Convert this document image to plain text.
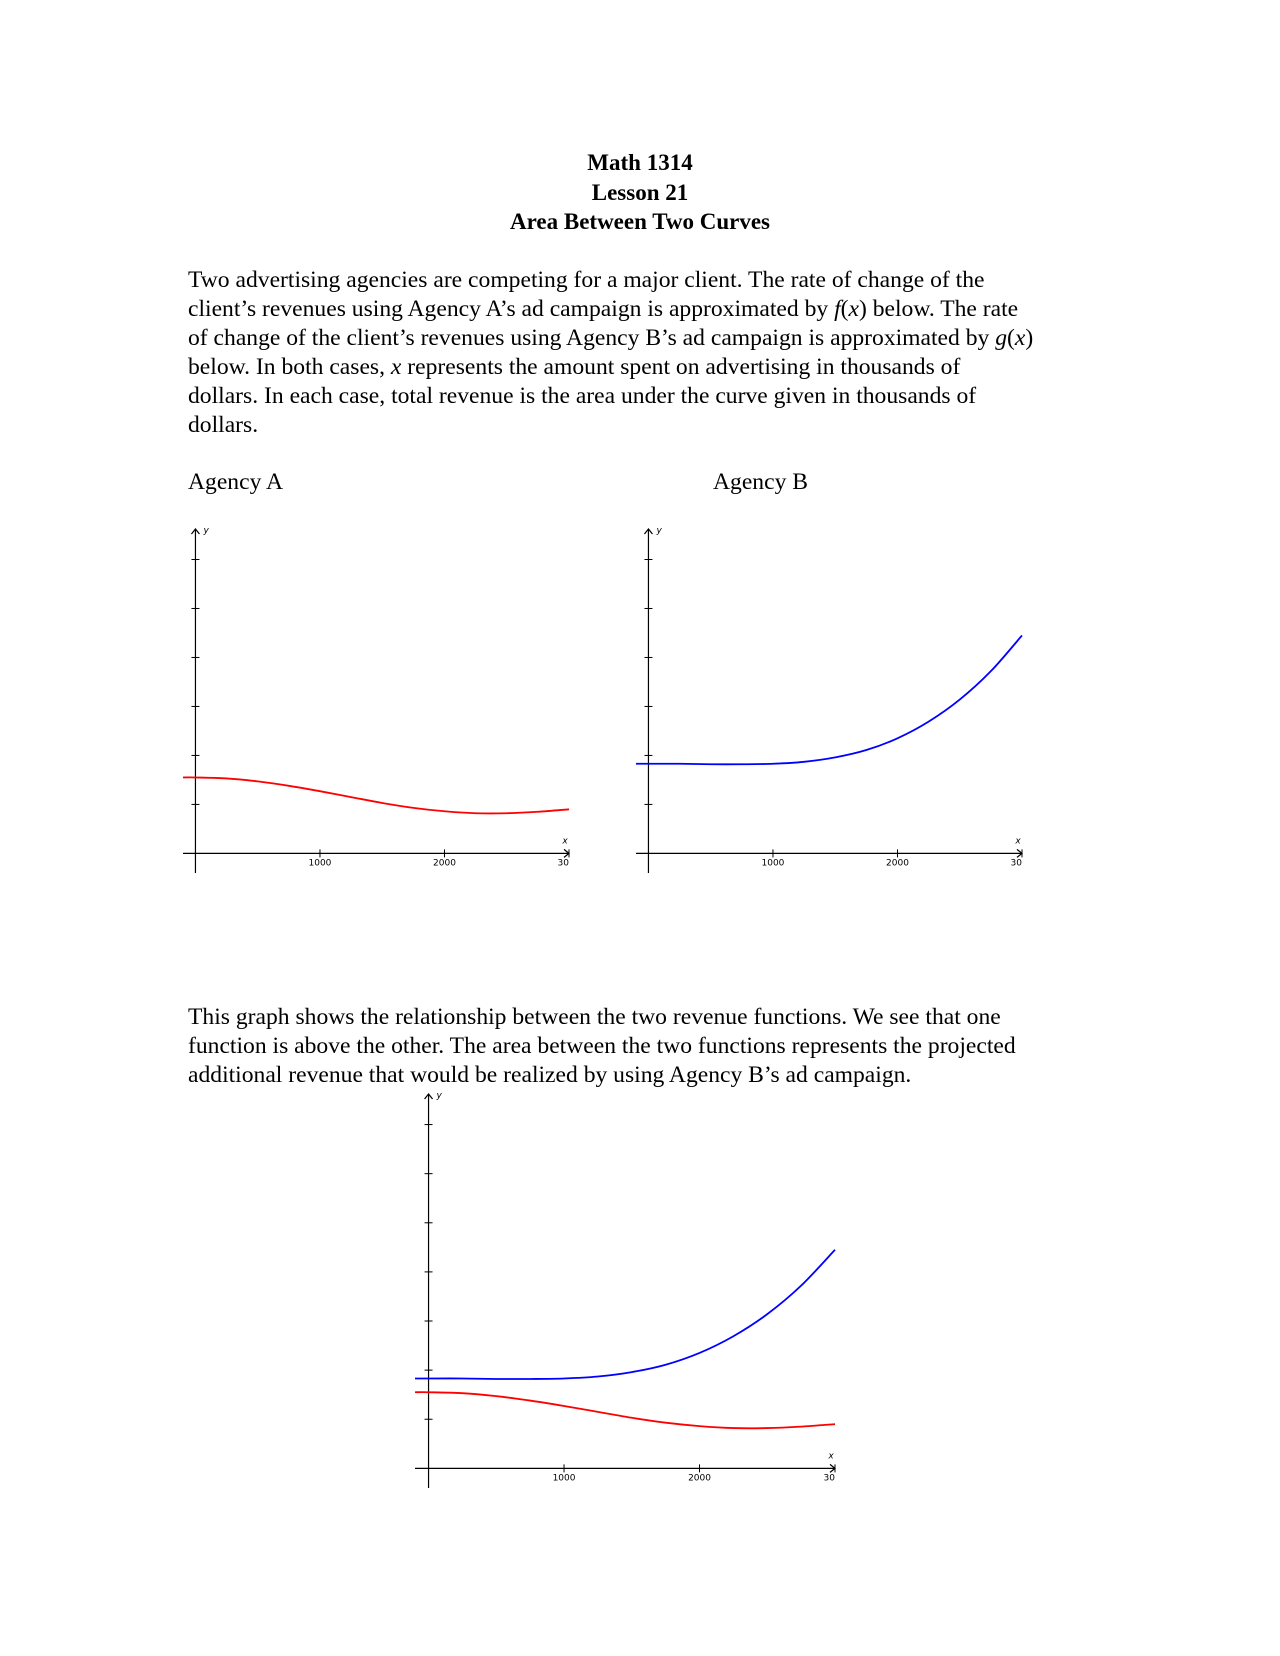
Math 1314
Lesson 21
Area Between Two Curves

Two advertising agencies are competing for a major client. The rate of change of the
client’s revenues using Agency A’s ad campaign is approximated by f(x) below. The rate
of change of the client’s revenues using Agency B’s ad campaign is approximated by g(x)
below. In both cases, x represents the amount spent on advertising in thousands of
dollars. In each case, total revenue is the area under the curve given in thousands of
dollars.

Agency A	Agency B
x
y
1000	2000	30
x
y
1000	2000	30

This graph shows the relationship between the two revenue functions. We see that one
function is above the other. The area between the two functions represents the projected
additional revenue that would be realized by using Agency B’s ad campaign.

x
y
1000	2000	30
